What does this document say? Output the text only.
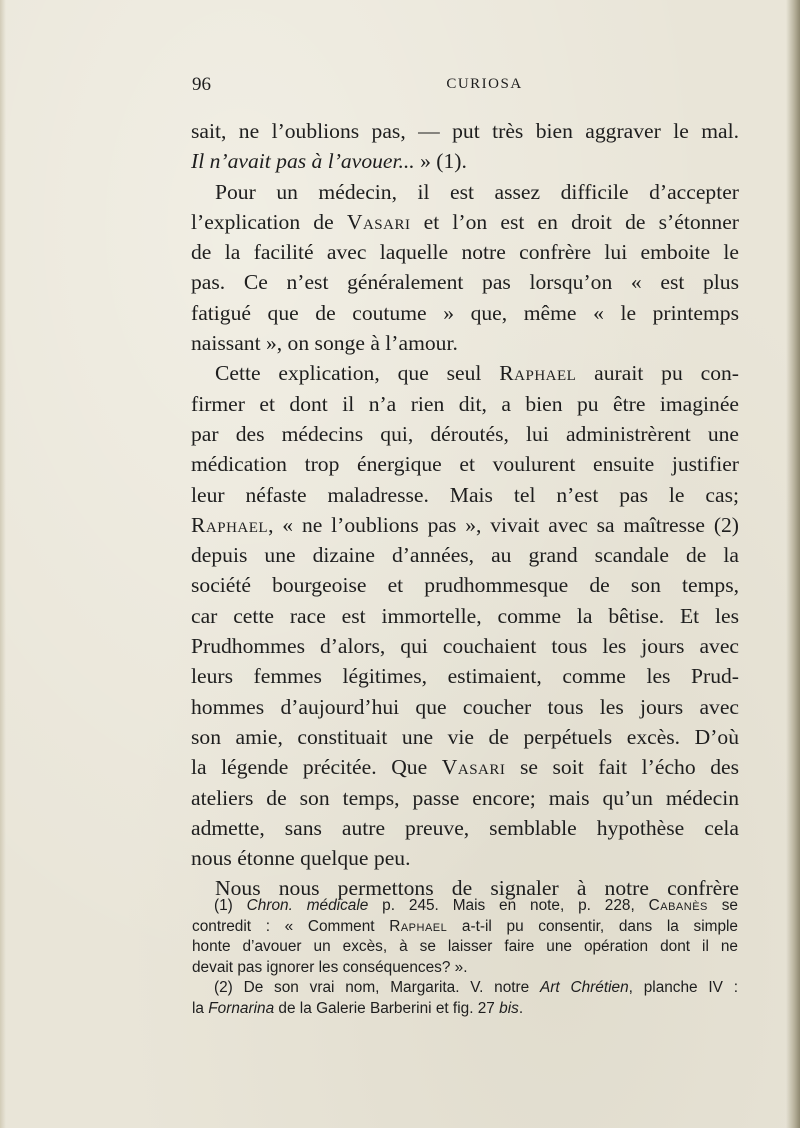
96	CURIOSA
sait, ne l’oublions pas, — put très bien aggraver le mal.
Il n’avait pas à l’avouer... » (1).
Pour un médecin, il est assez difficile d’accepter
l’explication de Vasari et l’on est en droit de s’étonner
de la facilité avec laquelle notre confrère lui emboite le
pas. Ce n’est généralement pas lorsqu’on « est plus
fatigué que de coutume » que, même « le printemps
naissant », on songe à l’amour.
Cette explication, que seul Raphael aurait pu con-
firmer et dont il n’a rien dit, a bien pu être imaginée
par des médecins qui, déroutés, lui administrèrent une
médication trop énergique et voulurent ensuite justifier
leur néfaste maladresse. Mais tel n’est pas le cas;
Raphael, « ne l’oublions pas », vivait avec sa maîtresse (2)
depuis une dizaine d’années, au grand scandale de la
société bourgeoise et prudhommesque de son temps,
car cette race est immortelle, comme la bêtise. Et les
Prudhommes d’alors, qui couchaient tous les jours avec
leurs femmes légitimes, estimaient, comme les Prud-
hommes d’aujourd’hui que coucher tous les jours avec
son amie, constituait une vie de perpétuels excès. D’où
la légende précitée. Que Vasari se soit fait l’écho des
ateliers de son temps, passe encore; mais qu’un médecin
admette, sans autre preuve, semblable hypothèse cela
nous étonne quelque peu.
Nous nous permettons de signaler à notre confrère
(1) Chron. médicale p. 245. Mais en note, p. 228, Cabanès se
contredit : « Comment Raphael a-t-il pu consentir, dans la simple
honte d’avouer un excès, à se laisser faire une opération dont il ne
devait pas ignorer les conséquences? ».
(2) De son vrai nom, Margarita. V. notre Art Chrétien, planche IV :
la Fornarina de la Galerie Barberini et fig. 27 bis.
